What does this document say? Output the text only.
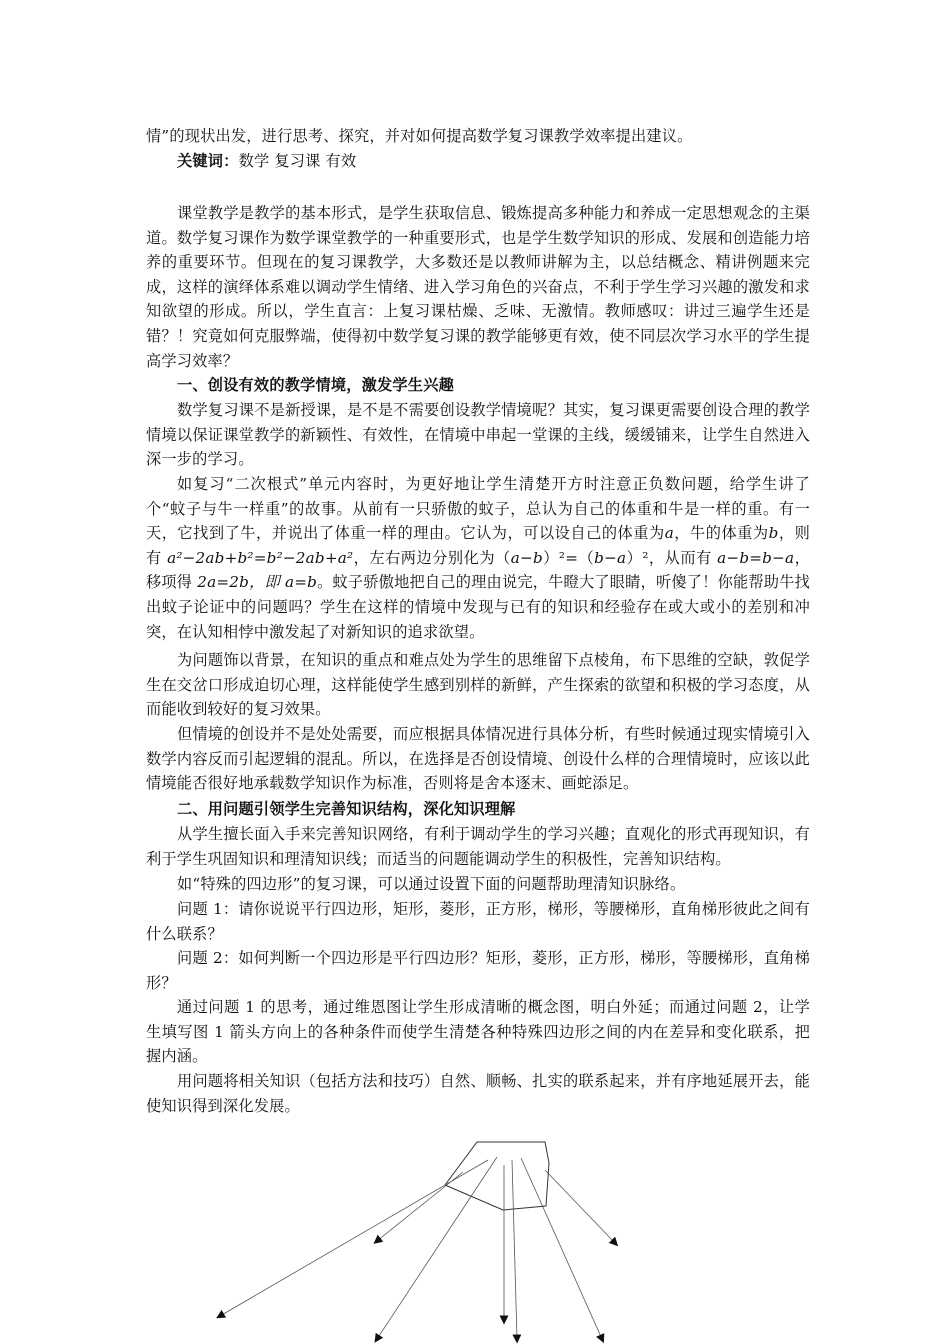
情”的现状出发，进行思考、探究，并对如何提高数学复习课教学效率提出建议。

关键词：数学 复习课 有效

课堂教学是教学的基本形式，是学生获取信息、锻炼提高多种能力和养成一定思想观念的主渠道。数学复习课作为数学课堂教学的一种重要形式，也是学生数学知识的形成、发展和创造能力培养的重要环节。但现在的复习课教学，大多数还是以教师讲解为主，以总结概念、精讲例题来完成，这样的演绎体系难以调动学生情绪、进入学习角色的兴奋点，不利于学生学习兴趣的激发和求知欲望的形成。所以，学生直言：上复习课枯燥、乏味、无激情。教师感叹：讲过三遍学生还是错？！究竟如何克服弊端，使得初中数学复习课的教学能够更有效，使不同层次学习水平的学生提高学习效率？

一、创设有效的教学情境，激发学生兴趣

数学复习课不是新授课，是不是不需要创设教学情境呢？其实，复习课更需要创设合理的教学情境以保证课堂教学的新颖性、有效性，在情境中串起一堂课的主线，缓缓铺来，让学生自然进入深一步的学习。

如复习“二次根式”单元内容时，为更好地让学生清楚开方时注意正负数问题，给学生讲了个“蚊子与牛一样重”的故事。从前有一只骄傲的蚊子，总认为自己的体重和牛是一样的重。有一天，它找到了牛，并说出了体重一样的理由。它认为，可以设自己的体重为a，牛的体重为b，则有 a²−2ab+b²=b²−2ab+a²，左右两边分别化为（a−b）²=（b−a）²，从而有 a−b=b−a，移项得 2a=2b，即 a=b。蚊子骄傲地把自己的理由说完，牛瞪大了眼睛，听傻了！你能帮助牛找出蚊子论证中的问题吗？学生在这样的情境中发现与已有的知识和经验存在或大或小的差别和冲突，在认知相悖中激发起了对新知识的追求欲望。

为问题饰以背景，在知识的重点和难点处为学生的思维留下点棱角，布下思维的空缺，敦促学生在交岔口形成迫切心理，这样能使学生感到别样的新鲜，产生探索的欲望和积极的学习态度，从而能收到较好的复习效果。

但情境的创设并不是处处需要，而应根据具体情况进行具体分析，有些时候通过现实情境引入数学内容反而引起逻辑的混乱。所以，在选择是否创设情境、创设什么样的合理情境时，应该以此情境能否很好地承载数学知识作为标准，否则将是舍本逐末、画蛇添足。

二、用问题引领学生完善知识结构，深化知识理解

从学生擅长面入手来完善知识网络，有利于调动学生的学习兴趣；直观化的形式再现知识，有利于学生巩固知识和理清知识线；而适当的问题能调动学生的积极性，完善知识结构。

如“特殊的四边形”的复习课，可以通过设置下面的问题帮助理清知识脉络。

问题 1：请你说说平行四边形，矩形，菱形，正方形，梯形，等腰梯形，直角梯形彼此之间有什么联系？

问题 2：如何判断一个四边形是平行四边形？矩形，菱形，正方形，梯形，等腰梯形，直角梯形？

通过问题 1 的思考，通过维恩图让学生形成清晰的概念图，明白外延；而通过问题 2，让学生填写图 1 箭头方向上的各种条件而使学生清楚各种特殊四边形之间的内在差异和变化联系，把握内涵。

用问题将相关知识（包括方法和技巧）自然、顺畅、扎实的联系起来，并有序地延展开去，能使知识得到深化发展。
